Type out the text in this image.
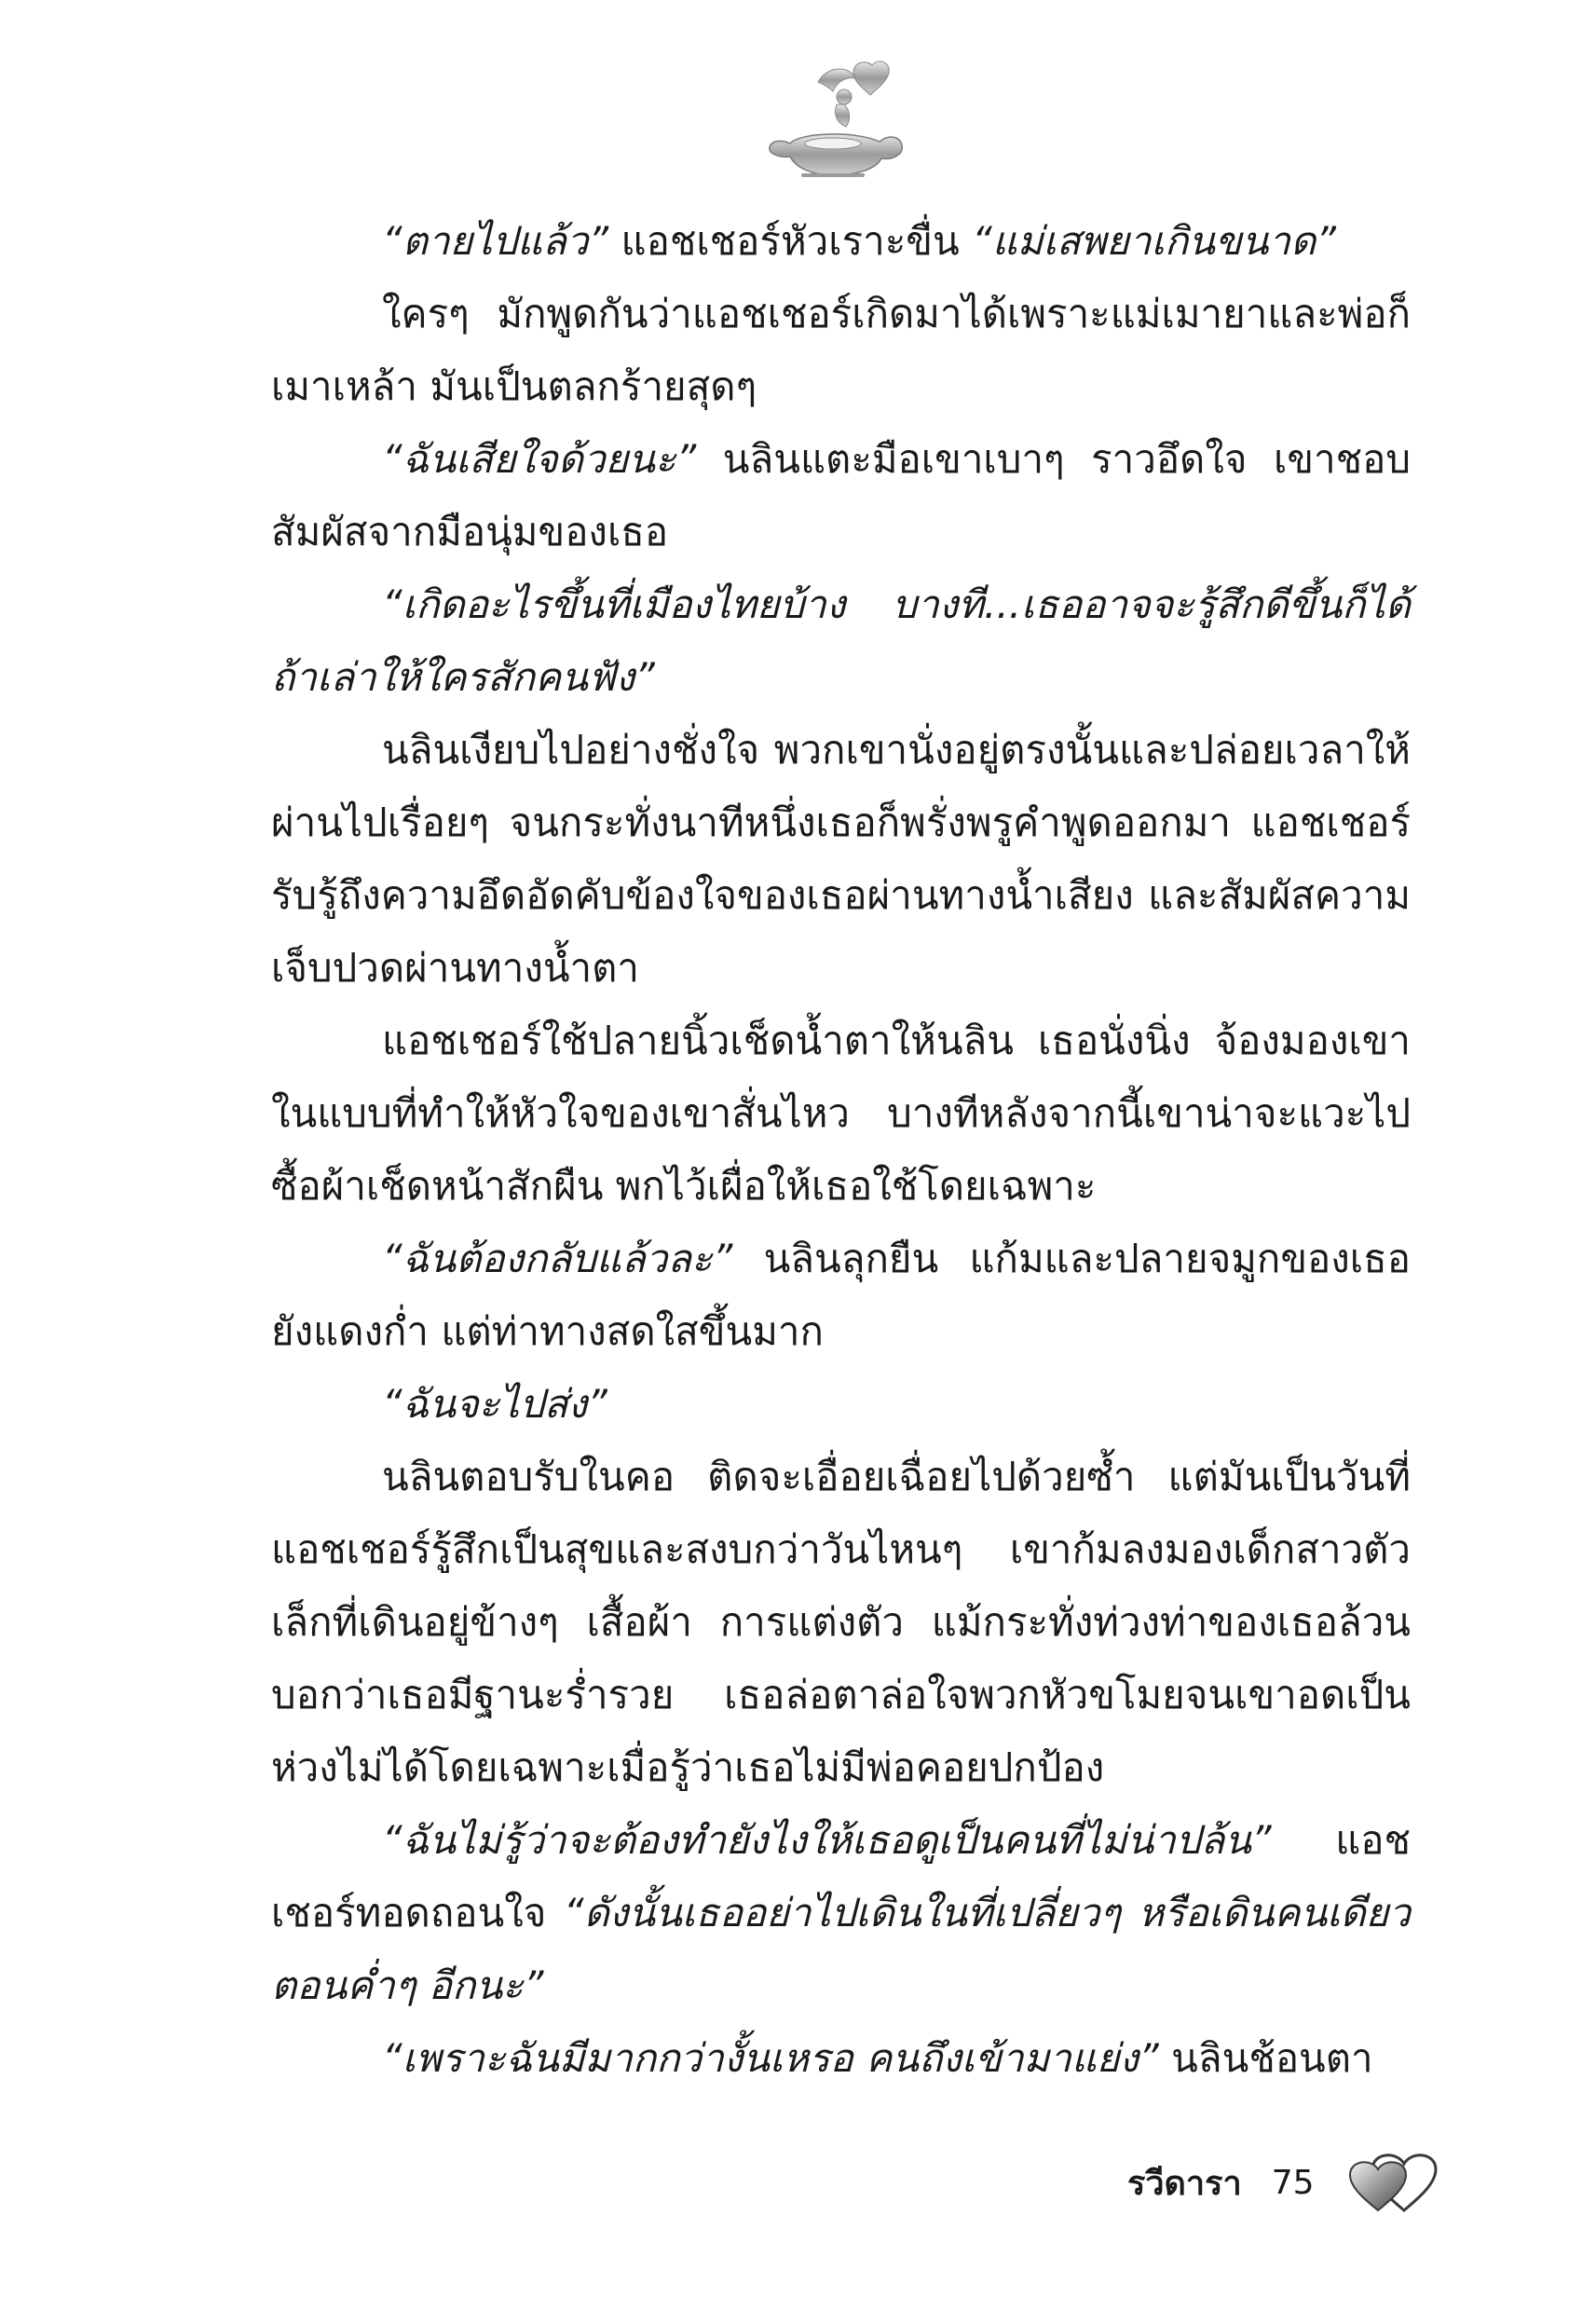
“ตายไปแล้ว” แอชเชอร์หัวเราะขื่น “แม่เสพยาเกินขนาด”

ใครๆ มักพูดกันว่าแอชเชอร์เกิดมาได้เพราะแม่เมายาและพ่อก็เมาเหล้า มันเป็นตลกร้ายสุดๆ

“ฉันเสียใจด้วยนะ” นลินแตะมือเขาเบาๆ ราวอึดใจ เขาชอบสัมผัสจากมือนุ่มของเธอ

“เกิดอะไรขึ้นที่เมืองไทยบ้าง บางที...เธออาจจะรู้สึกดีขึ้นก็ได้ถ้าเล่าให้ใครสักคนฟัง”

นลินเงียบไปอย่างชั่งใจ พวกเขานั่งอยู่ตรงนั้นและปล่อยเวลาให้ผ่านไปเรื่อยๆ จนกระทั่งนาทีหนึ่งเธอก็พรั่งพรูคำพูดออกมา แอชเชอร์รับรู้ถึงความอึดอัดคับข้องใจของเธอผ่านทางน้ำเสียง และสัมผัสความเจ็บปวดผ่านทางน้ำตา

แอชเชอร์ใช้ปลายนิ้วเช็ดน้ำตาให้นลิน เธอนั่งนิ่ง จ้องมองเขาในแบบที่ทำให้หัวใจของเขาสั่นไหว บางทีหลังจากนี้เขาน่าจะแวะไปซื้อผ้าเช็ดหน้าสักผืน พกไว้เผื่อให้เธอใช้โดยเฉพาะ

“ฉันต้องกลับแล้วละ” นลินลุกยืน แก้มและปลายจมูกของเธอยังแดงก่ำ แต่ท่าทางสดใสขึ้นมาก

“ฉันจะไปส่ง”

นลินตอบรับในคอ ติดจะเอื่อยเฉื่อยไปด้วยซ้ำ แต่มันเป็นวันที่แอชเชอร์รู้สึกเป็นสุขและสงบกว่าวันไหนๆ เขาก้มลงมองเด็กสาวตัวเล็กที่เดินอยู่ข้างๆ เสื้อผ้า การแต่งตัว แม้กระทั่งท่วงท่าของเธอล้วนบอกว่าเธอมีฐานะร่ำรวย เธอล่อตาล่อใจพวกหัวขโมยจนเขาอดเป็นห่วงไม่ได้โดยเฉพาะเมื่อรู้ว่าเธอไม่มีพ่อคอยปกป้อง

“ฉันไม่รู้ว่าจะต้องทำยังไงให้เธอดูเป็นคนที่ไม่น่าปล้น” แอชเชอร์ทอดถอนใจ “ดังนั้นเธออย่าไปเดินในที่เปลี่ยวๆ หรือเดินคนเดียวตอนค่ำๆ อีกนะ”

“เพราะฉันมีมากกว่างั้นเหรอ คนถึงเข้ามาแย่ง” นลินช้อนตา

รวีดารา 75
